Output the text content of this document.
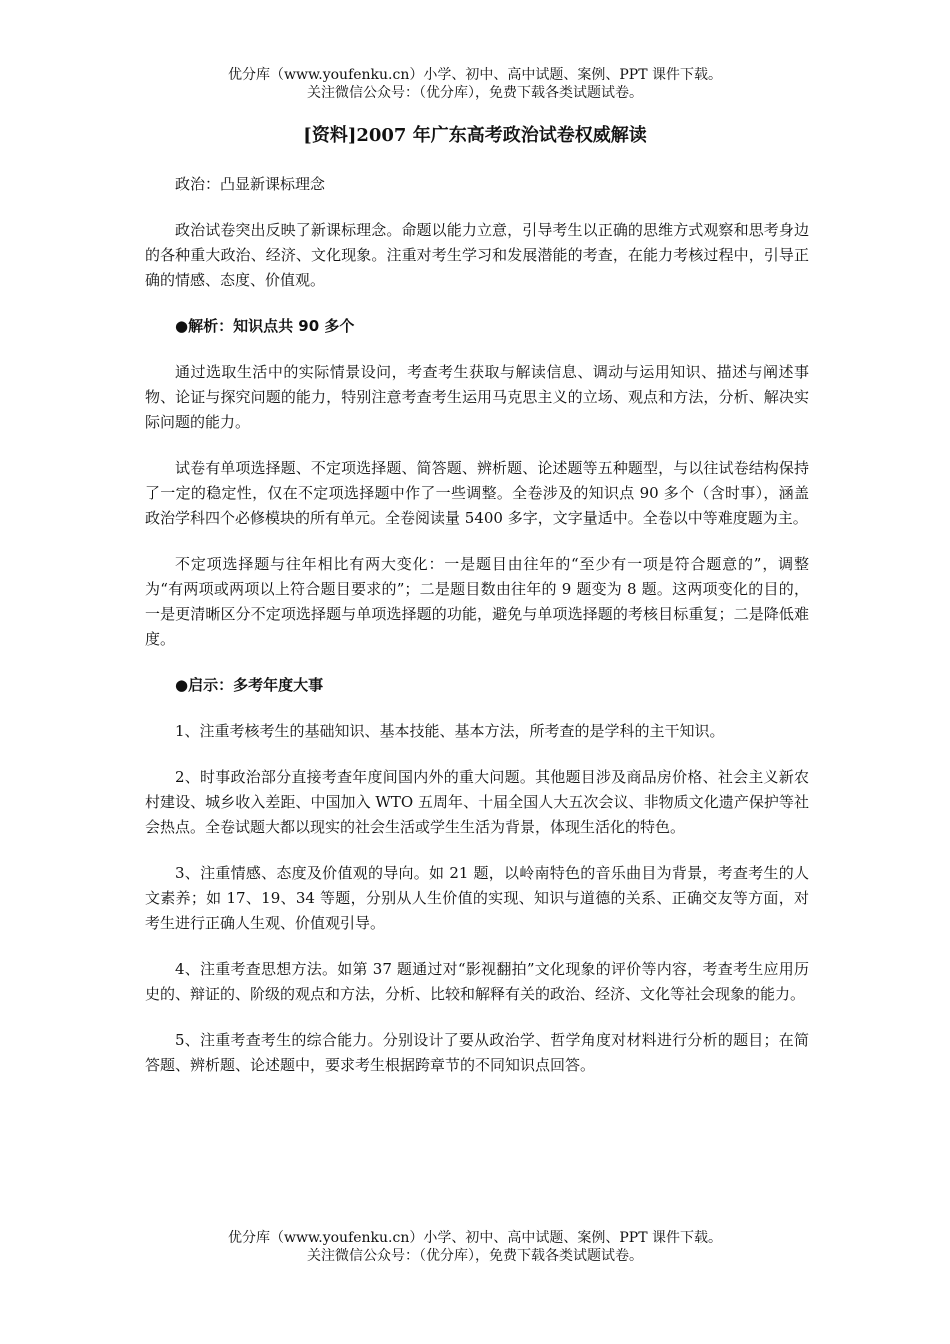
优分库（www.youfenku.cn）小学、初中、高中试题、案例、PPT 课件下载。
关注微信公众号：（优分库），免费下载各类试题试卷。
[资料]2007 年广东高考政治试卷权威解读

政治：凸显新课标理念

政治试卷突出反映了新课标理念。命题以能力立意，引导考生以正确的思维方式观察和思考身边的各种重大政治、经济、文化现象。注重对考生学习和发展潜能的考查，在能力考核过程中，引导正确的情感、态度、价值观。

●解析：知识点共 90 多个

通过选取生活中的实际情景设问，考查考生获取与解读信息、调动与运用知识、描述与阐述事物、论证与探究问题的能力，特别注意考查考生运用马克思主义的立场、观点和方法，分析、解决实际问题的能力。

试卷有单项选择题、不定项选择题、简答题、辨析题、论述题等五种题型，与以往试卷结构保持了一定的稳定性，仅在不定项选择题中作了一些调整。全卷涉及的知识点 90 多个（含时事），涵盖政治学科四个必修模块的所有单元。全卷阅读量 5400 多字，文字量适中。全卷以中等难度题为主。

不定项选择题与往年相比有两大变化：一是题目由往年的“至少有一项是符合题意的”，调整为“有两项或两项以上符合题目要求的”；二是题目数由往年的 9 题变为 8 题。这两项变化的目的，一是更清晰区分不定项选择题与单项选择题的功能，避免与单项选择题的考核目标重复；二是降低难度。

●启示：多考年度大事

1、注重考核考生的基础知识、基本技能、基本方法，所考查的是学科的主干知识。

2、时事政治部分直接考查年度间国内外的重大问题。其他题目涉及商品房价格、社会主义新农村建设、城乡收入差距、中国加入 WTO 五周年、十届全国人大五次会议、非物质文化遗产保护等社会热点。全卷试题大都以现实的社会生活或学生生活为背景，体现生活化的特色。

3、注重情感、态度及价值观的导向。如 21 题，以岭南特色的音乐曲目为背景，考查考生的人文素养；如 17、19、34 等题，分别从人生价值的实现、知识与道德的关系、正确交友等方面，对考生进行正确人生观、价值观引导。

4、注重考查思想方法。如第 37 题通过对“影视翻拍”文化现象的评价等内容，考查考生应用历史的、辩证的、阶级的观点和方法，分析、比较和解释有关的政治、经济、文化等社会现象的能力。

5、注重考查考生的综合能力。分别设计了要从政治学、哲学角度对材料进行分析的题目；在简答题、辨析题、论述题中，要求考生根据跨章节的不同知识点回答。

优分库（www.youfenku.cn）小学、初中、高中试题、案例、PPT 课件下载。
关注微信公众号：（优分库），免费下载各类试题试卷。
